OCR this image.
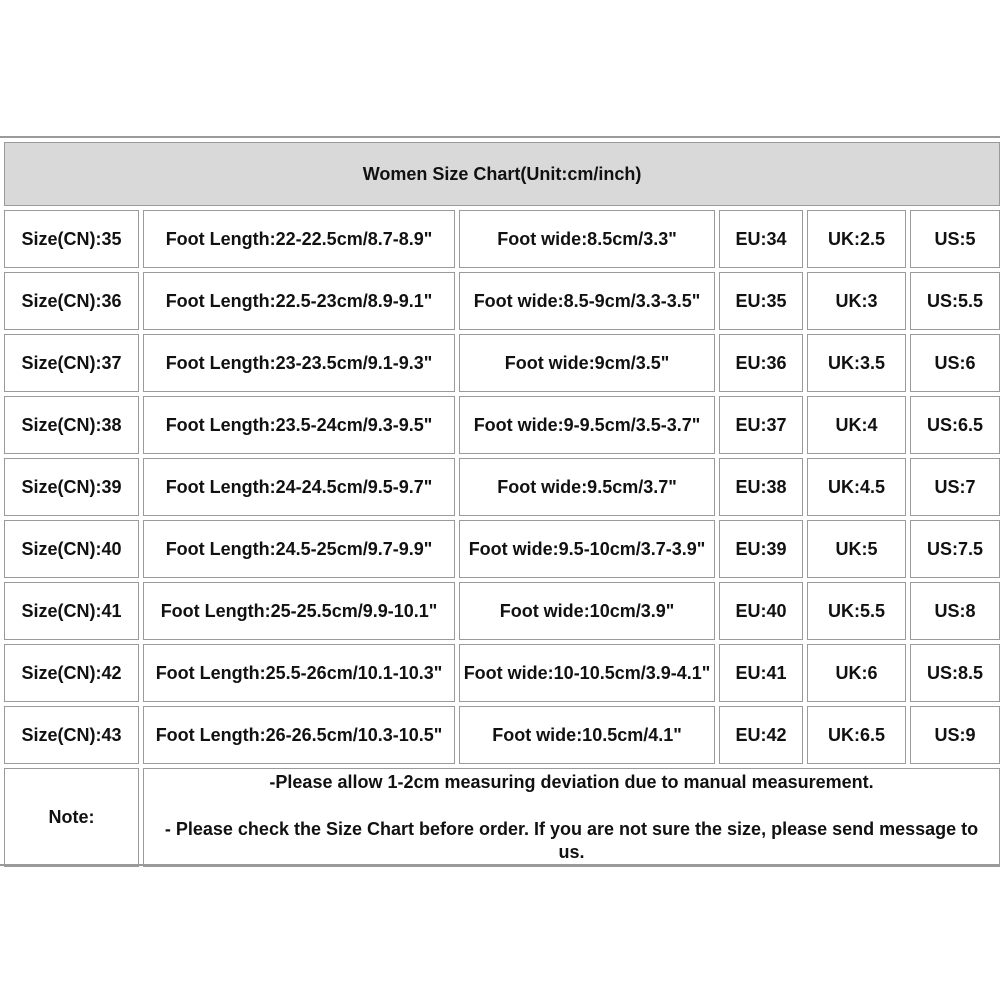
Women Size Chart(Unit:cm/inch)					
Size(CN):35	Foot Length:22-22.5cm/8.7-8.9"	Foot wide:8.5cm/3.3"	EU:34	UK:2.5	US:5
Size(CN):36	Foot Length:22.5-23cm/8.9-9.1"	Foot wide:8.5-9cm/3.3-3.5"	EU:35	UK:3	US:5.5
Size(CN):37	Foot Length:23-23.5cm/9.1-9.3"	Foot wide:9cm/3.5"	EU:36	UK:3.5	US:6
Size(CN):38	Foot Length:23.5-24cm/9.3-9.5"	Foot wide:9-9.5cm/3.5-3.7"	EU:37	UK:4	US:6.5
Size(CN):39	Foot Length:24-24.5cm/9.5-9.7"	Foot wide:9.5cm/3.7"	EU:38	UK:4.5	US:7
Size(CN):40	Foot Length:24.5-25cm/9.7-9.9"	Foot wide:9.5-10cm/3.7-3.9"	EU:39	UK:5	US:7.5
Size(CN):41	Foot Length:25-25.5cm/9.9-10.1"	Foot wide:10cm/3.9"	EU:40	UK:5.5	US:8
Size(CN):42	Foot Length:25.5-26cm/10.1-10.3"	Foot wide:10-10.5cm/3.9-4.1"	EU:41	UK:6	US:8.5
Size(CN):43	Foot Length:26-26.5cm/10.3-10.5"	Foot wide:10.5cm/4.1"	EU:42	UK:6.5	US:9
Note:	-Please allow 1-2cm measuring deviation due to manual measurement.
- Please check the Size Chart before order. If you are not sure the size, please send message to us.				
